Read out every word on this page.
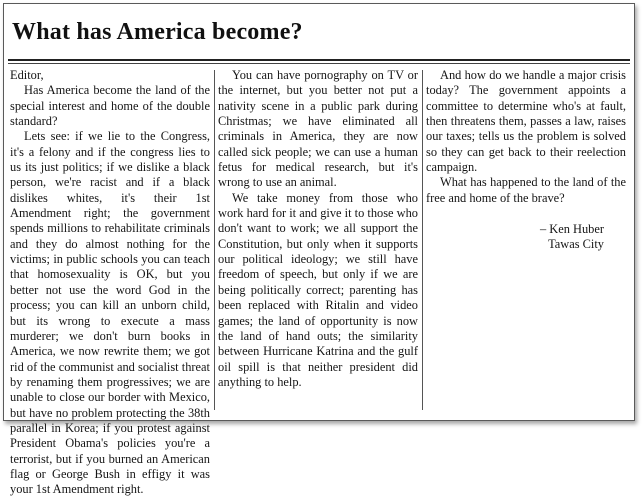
What has America become?

Editor,

Has America become the land of the special interest and home of the double standard?

Lets see: if we lie to the Congress, it's a felony and if the congress lies to us its just politics; if we dislike a black person, we're racist and if a black dislikes whites, it's their 1st Amendment right; the government spends millions to rehabilitate criminals and they do almost nothing for the victims; in public schools you can teach that homosexuality is OK, but you better not use the word God in the process; you can kill an unborn child, but its wrong to execute a mass murderer; we don't burn books in America, we now rewrite them; we got rid of the communist and socialist threat by renaming them progressives; we are unable to close our border with Mexico, but have no problem protecting the 38th parallel in Korea; if you protest against President Obama's policies you're a terrorist, but if you burned an American flag or George Bush in effigy it was your 1st Amendment right.

You can have pornography on TV or the internet, but you better not put a nativity scene in a public park during Christmas; we have eliminated all criminals in America, they are now called sick people; we can use a human fetus for medical research, but it's wrong to use an animal.

We take money from those who work hard for it and give it to those who don't want to work; we all support the Constitution, but only when it supports our political ideology; we still have freedom of speech, but only if we are being politically correct; parenting has been replaced with Ritalin and video games; the land of opportunity is now the land of hand outs; the similarity between Hurricane Katrina and the gulf oil spill is that neither president did anything to help.

And how do we handle a major crisis today? The government appoints a committee to determine who's at fault, then threatens them, passes a law, raises our taxes; tells us the problem is solved so they can get back to their reelection campaign.

What has happened to the land of the free and home of the brave?

– Ken Huber
Tawas City
